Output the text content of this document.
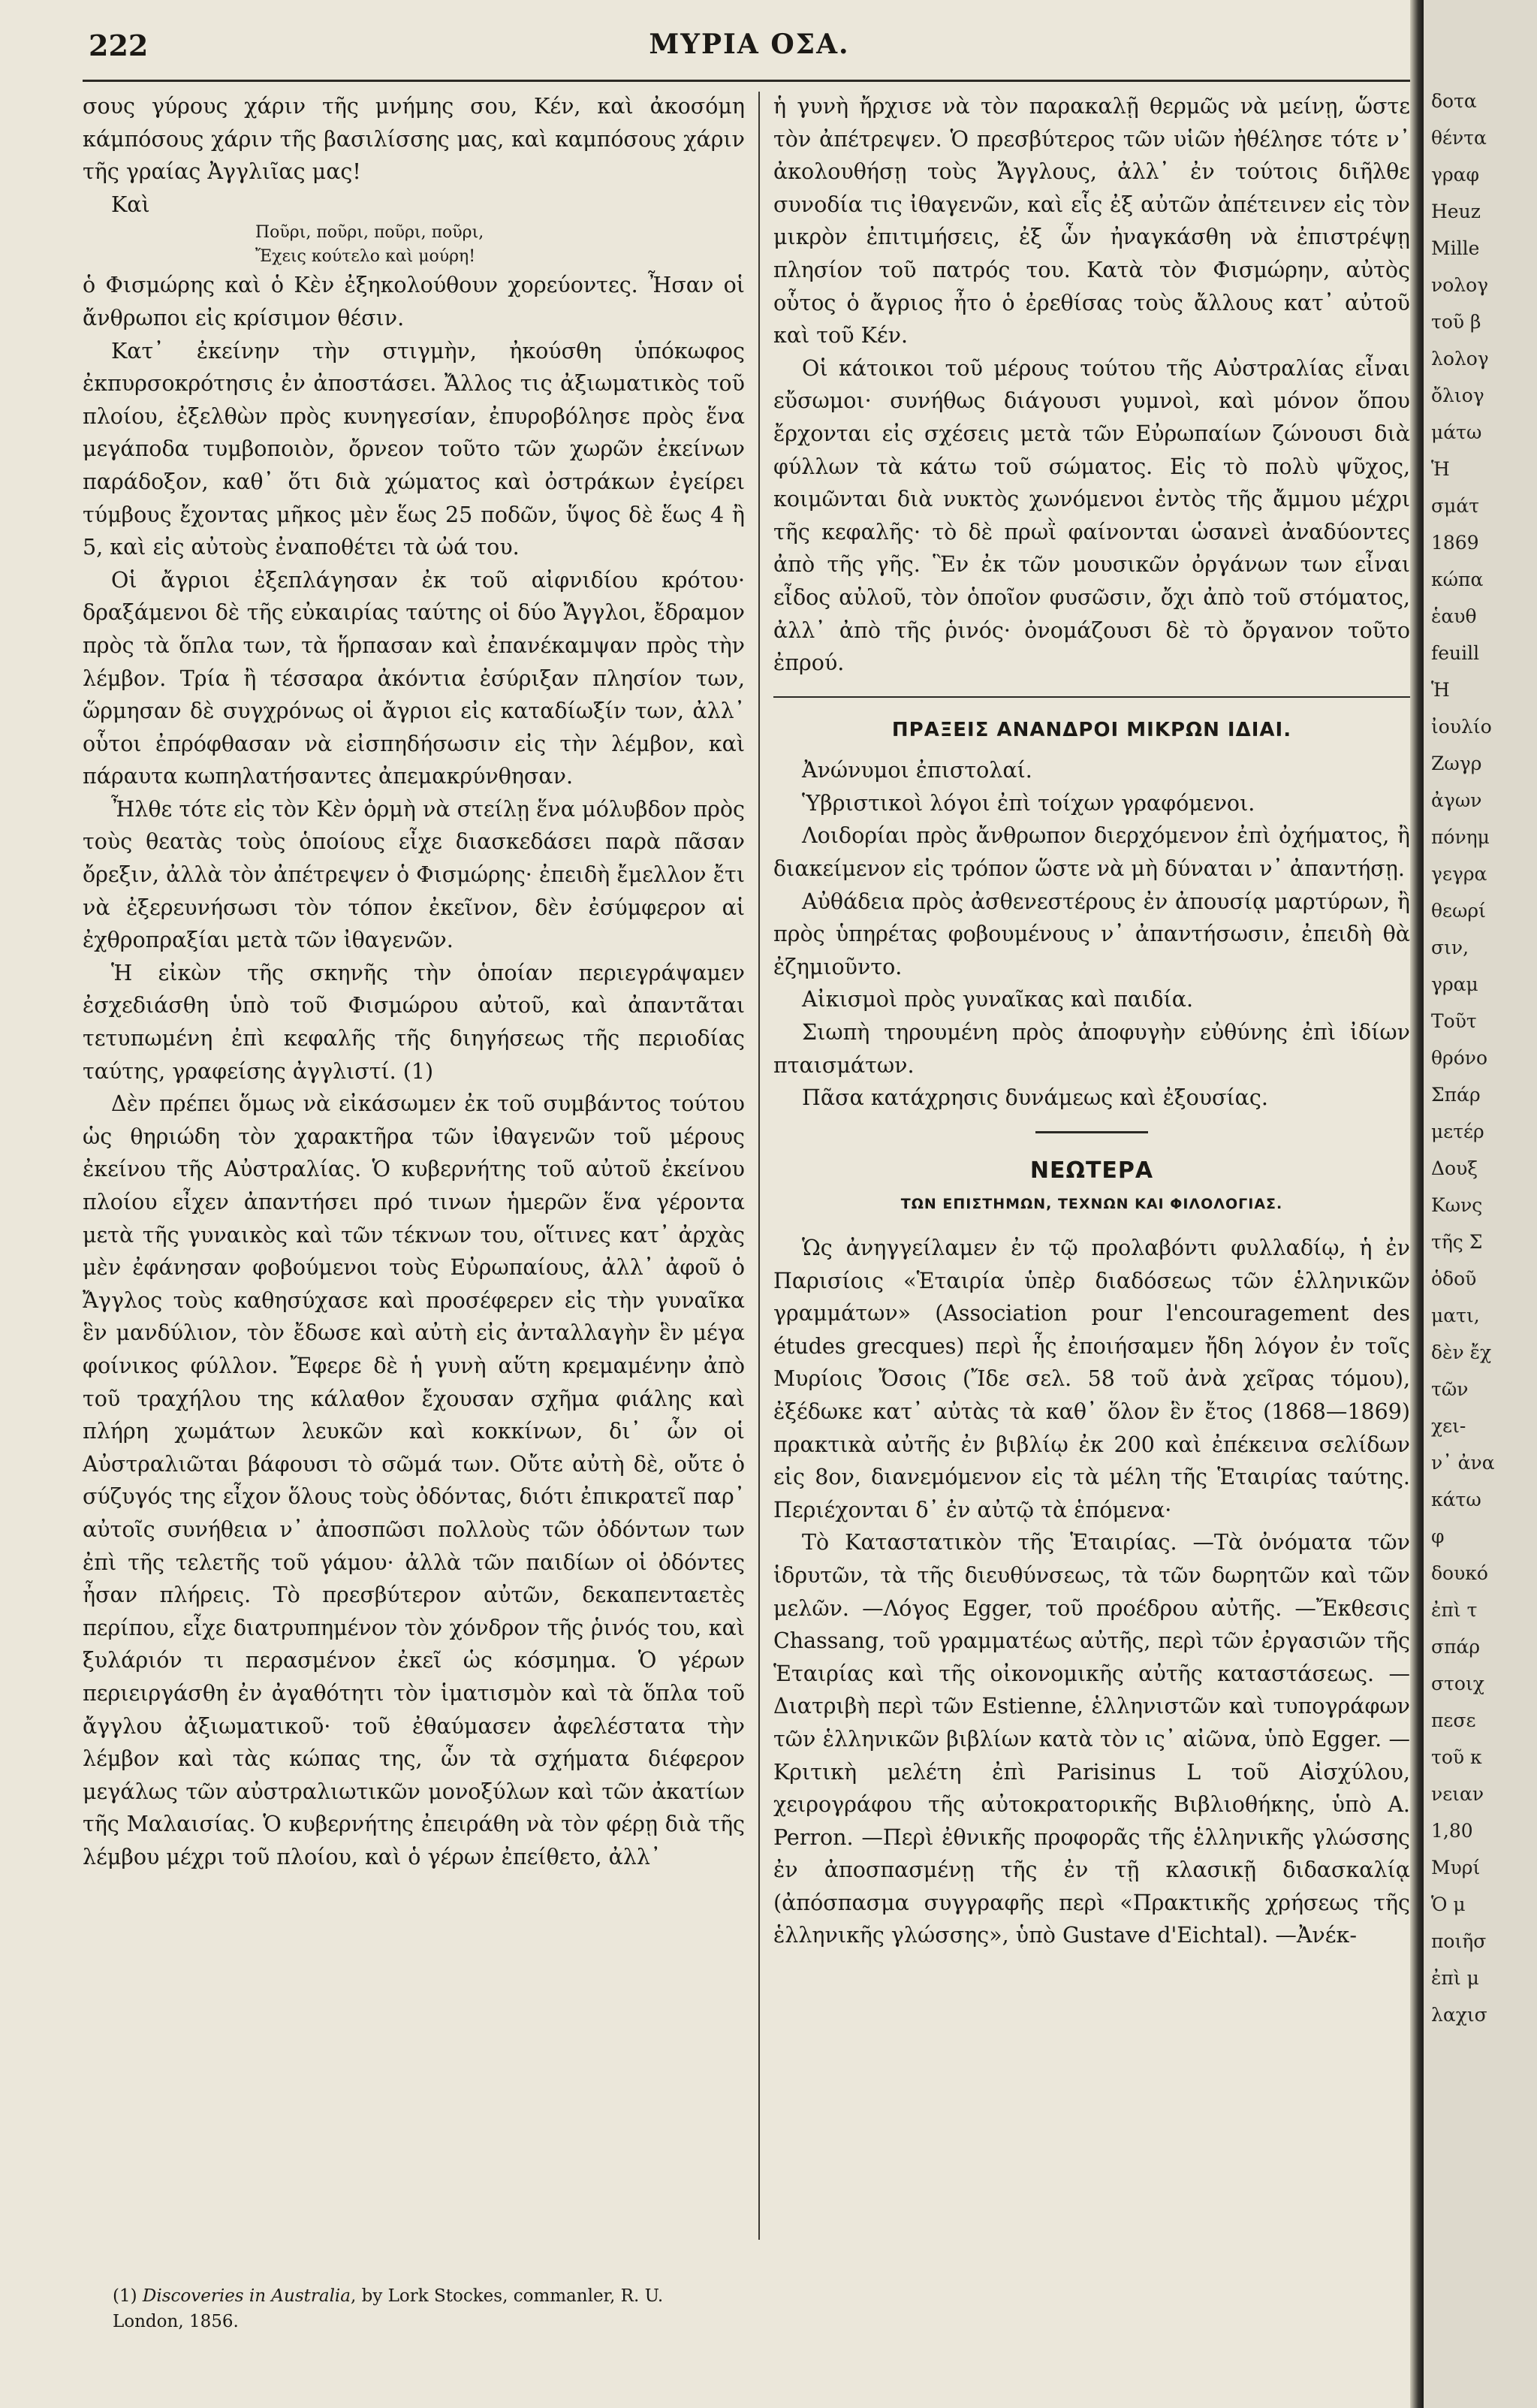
222	ΜΥΡΙΑ ΟΣΑ.

σους γύρους χάριν τῆς μνήμης σου, Κέν, καὶ ἀκοσόμη κάμπόσους χάριν τῆς βασιλίσσης μας, καὶ καμπόσους χάριν τῆς γραίας Ἀγγλιῖας μας!

Καὶ

Ποῦρι, ποῦρι, ποῦρι, ποῦρι,
Ἔχεις κούτελο καὶ μούρη!

ὁ Φισμώρης καὶ ὁ Κὲν ἐξηκολούθουν χορεύοντες. Ἦσαν οἱ ἄνθρωποι εἰς κρίσιμον θέσιν.

Κατ᾽ ἐκείνην τὴν στιγμὴν, ἠκούσθη ὑπόκωφος ἐκπυρσοκρότησις ἐν ἀποστάσει. Ἄλλος τις ἀξιωματικὸς τοῦ πλοίου, ἐξελθὼν πρὸς κυνηγεσίαν, ἐπυροβόλησε πρὸς ἕνα μεγάποδα τυμβοποιὸν, ὄρνεον τοῦτο τῶν χωρῶν ἐκείνων παράδοξον, καθ᾽ ὅτι διὰ χώματος καὶ ὀστράκων ἐγείρει τύμβους ἔχοντας μῆκος μὲν ἕως 25 ποδῶν, ὕψος δὲ ἕως 4 ἢ 5, καὶ εἰς αὐτοὺς ἐναποθέτει τὰ ὠά του.

Οἱ ἄγριοι ἐξεπλάγησαν ἐκ τοῦ αἰφνιδίου κρότου· δραξάμενοι δὲ τῆς εὐκαιρίας ταύτης οἱ δύο Ἄγγλοι, ἔδραμον πρὸς τὰ ὅπλα των, τὰ ἥρπασαν καὶ ἐπανέκαμψαν πρὸς τὴν λέμβον. Τρία ἢ τέσσαρα ἀκόντια ἐσύριξαν πλησίον των, ὥρμησαν δὲ συγχρόνως οἱ ἄγριοι εἰς καταδίωξίν των, ἀλλ᾽ οὗτοι ἐπρόφθασαν νὰ εἰσπηδήσωσιν εἰς τὴν λέμβον, καὶ πάραυτα κωπηλατήσαντες ἀπεμακρύνθησαν.

Ἦλθε τότε εἰς τὸν Κὲν ὁρμὴ νὰ στείλῃ ἕνα μόλυβδον πρὸς τοὺς θεατὰς τοὺς ὁποίους εἶχε διασκεδάσει παρὰ πᾶσαν ὄρεξιν, ἀλλὰ τὸν ἀπέτρεψεν ὁ Φισμώρης· ἐπειδὴ ἔμελλον ἔτι νὰ ἐξερευνήσωσι τὸν τόπον ἐκεῖνον, δὲν ἐσύμφερον αἱ ἐχθροπραξίαι μετὰ τῶν ἰθαγενῶν.

Ἡ εἰκὼν τῆς σκηνῆς τὴν ὁποίαν περιεγράψαμεν ἐσχεδιάσθη ὑπὸ τοῦ Φισμώρου αὐτοῦ, καὶ ἀπαντᾶται τετυπωμένη ἐπὶ κεφαλῆς τῆς διηγήσεως τῆς περιοδίας ταύτης, γραφείσης ἀγγλιστί. (1)

Δὲν πρέπει ὅμως νὰ εἰκάσωμεν ἐκ τοῦ συμβάντος τούτου ὡς θηριώδη τὸν χαρακτῆρα τῶν ἰθαγενῶν τοῦ μέρους ἐκείνου τῆς Αὐστραλίας. Ὁ κυβερνήτης τοῦ αὐτοῦ ἐκείνου πλοίου εἶχεν ἀπαντήσει πρό τινων ἡμερῶν ἕνα γέροντα μετὰ τῆς γυναικὸς καὶ τῶν τέκνων του, οἵτινες κατ᾽ ἀρχὰς μὲν ἐφάνησαν φοβούμενοι τοὺς Εὐρωπαίους, ἀλλ᾽ ἀφοῦ ὁ Ἄγγλος τοὺς καθησύχασε καὶ προσέφερεν εἰς τὴν γυναῖκα ἓν μανδύλιον, τὸν ἔδωσε καὶ αὐτὴ εἰς ἀνταλλαγὴν ἓν μέγα φοίνικος φύλλον. Ἔφερε δὲ ἡ γυνὴ αὕτη κρεμαμένην ἀπὸ τοῦ τραχήλου της κάλαθον ἔχουσαν σχῆμα φιάλης καὶ πλήρη χωμάτων λευκῶν καὶ κοκκίνων, δι᾽ ὧν οἱ Αὐστραλιῶται βάφουσι τὸ σῶμά των. Οὔτε αὐτὴ δὲ, οὔτε ὁ σύζυγός της εἶχον ὅλους τοὺς ὀδόντας, διότι ἐπικρατεῖ παρ᾽ αὐτοῖς συνήθεια ν᾽ ἀποσπῶσι πολλοὺς τῶν ὀδόντων των ἐπὶ τῆς τελετῆς τοῦ γάμου· ἀλλὰ τῶν παιδίων οἱ ὀδόντες ἦσαν πλήρεις. Τὸ πρεσβύτερον αὐτῶν, δεκαπενταετὲς περίπου, εἶχε διατρυπημένον τὸν χόνδρον τῆς ῥινός του, καὶ ξυλάριόν τι περασμένον ἐκεῖ ὡς κόσμημα. Ὁ γέρων περιειργάσθη ἐν ἀγαθότητι τὸν ἱματισμὸν καὶ τὰ ὅπλα τοῦ ἄγγλου ἀξιωματικοῦ· τοῦ ἐθαύμασεν ἀφελέστατα τὴν λέμβον καὶ τὰς κώπας της, ὧν τὰ σχήματα διέφερον μεγάλως τῶν αὐστραλιωτικῶν μονοξύλων καὶ τῶν ἀκατίων τῆς Μαλαισίας. Ὁ κυβερνήτης ἐπειράθη νὰ τὸν φέρῃ διὰ τῆς λέμβου μέχρι τοῦ πλοίου, καὶ ὁ γέρων ἐπείθετο, ἀλλ᾽

ἡ γυνὴ ἤρχισε νὰ τὸν παρακαλῇ θερμῶς νὰ μείνῃ, ὥστε τὸν ἀπέτρεψεν. Ὁ πρεσβύτερος τῶν υἱῶν ἠθέλησε τότε ν᾽ ἀκολουθήσῃ τοὺς Ἄγγλους, ἀλλ᾽ ἐν τούτοις διῆλθε συνοδία τις ἰθαγενῶν, καὶ εἷς ἐξ αὐτῶν ἀπέτεινεν εἰς τὸν μικρὸν ἐπιτιμήσεις, ἐξ ὧν ἠναγκάσθη νὰ ἐπιστρέψῃ πλησίον τοῦ πατρός του. Κατὰ τὸν Φισμώρην, αὐτὸς οὗτος ὁ ἄγριος ἦτο ὁ ἐρεθίσας τοὺς ἄλλους κατ᾽ αὐτοῦ καὶ τοῦ Κέν.

Οἱ κάτοικοι τοῦ μέρους τούτου τῆς Αὐστραλίας εἶναι εὔσωμοι· συνήθως διάγουσι γυμνοὶ, καὶ μόνον ὅπου ἔρχονται εἰς σχέσεις μετὰ τῶν Εὐρωπαίων ζώνουσι διὰ φύλλων τὰ κάτω τοῦ σώματος. Εἰς τὸ πολὺ ψῦχος, κοιμῶνται διὰ νυκτὸς χωνόμενοι ἐντὸς τῆς ἄμμου μέχρι τῆς κεφαλῆς· τὸ δὲ πρωῒ φαίνονται ὡσανεὶ ἀναδύοντες ἀπὸ τῆς γῆς. Ἓν ἐκ τῶν μουσικῶν ὀργάνων των εἶναι εἶδος αὐλοῦ, τὸν ὁποῖον φυσῶσιν, ὄχι ἀπὸ τοῦ στόματος, ἀλλ᾽ ἀπὸ τῆς ῥινός· ὀνομάζουσι δὲ τὸ ὄργανον τοῦτο ἐπρού.

ΠΡΑΞΕΙΣ ΑΝΑΝΔΡΟΙ ΜΙΚΡΩΝ ΙΔΙΑΙ.

Ἀνώνυμοι ἐπιστολαί.

Ὑβριστικοὶ λόγοι ἐπὶ τοίχων γραφόμενοι.

Λοιδορίαι πρὸς ἄνθρωπον διερχόμενον ἐπὶ ὀχήματος, ἢ διακείμενον εἰς τρόπον ὥστε νὰ μὴ δύναται ν᾽ ἀπαντήσῃ.

Αὐθάδεια πρὸς ἀσθενεστέρους ἐν ἀπουσίᾳ μαρτύρων, ἢ πρὸς ὑπηρέτας φοβουμένους ν᾽ ἀπαντήσωσιν, ἐπειδὴ θὰ ἐζημιοῦντο.

Αἰκισμοὶ πρὸς γυναῖκας καὶ παιδία.

Σιωπὴ τηρουμένη πρὸς ἀποφυγὴν εὐθύνης ἐπὶ ἰδίων πταισμάτων.

Πᾶσα κατάχρησις δυνάμεως καὶ ἐξουσίας.

ΝΕΩΤΕΡΑ
ΤΩΝ ΕΠΙΣΤΗΜΩΝ, ΤΕΧΝΩΝ ΚΑΙ ΦΙΛΟΛΟΓΙΑΣ.

Ὡς ἀνηγγείλαμεν ἐν τῷ προλαβόντι φυλλαδίῳ, ἡ ἐν Παρισίοις «Ἑταιρία ὑπὲρ διαδόσεως τῶν ἑλληνικῶν γραμμάτων» (Association pour l'encouragement des études grecques) περὶ ἧς ἐποιήσαμεν ἤδη λόγον ἐν τοῖς Μυρίοις Ὄσοις (Ἴδε σελ. 58 τοῦ ἀνὰ χεῖρας τόμου), ἐξέδωκε κατ᾽ αὐτὰς τὰ καθ᾽ ὅλον ἓν ἔτος (1868—1869) πρακτικὰ αὐτῆς ἐν βιβλίῳ ἐκ 200 καὶ ἐπέκεινα σελίδων εἰς 8ον, διανεμόμενον εἰς τὰ μέλη τῆς Ἑταιρίας ταύτης. Περιέχονται δ᾽ ἐν αὐτῷ τὰ ἑπόμενα·

Τὸ Καταστατικὸν τῆς Ἑταιρίας. —Τὰ ὀνόματα τῶν ἱδρυτῶν, τὰ τῆς διευθύνσεως, τὰ τῶν δωρητῶν καὶ τῶν μελῶν. —Λόγος Egger, τοῦ προέδρου αὐτῆς. —Ἔκθεσις Chassang, τοῦ γραμματέως αὐτῆς, περὶ τῶν ἐργασιῶν τῆς Ἑταιρίας καὶ τῆς οἰκονομικῆς αὐτῆς καταστάσεως. — Διατριβὴ περὶ τῶν Estienne, ἑλληνιστῶν καὶ τυπογράφων τῶν ἑλληνικῶν βιβλίων κατὰ τὸν ις᾽ αἰῶνα, ὑπὸ Egger. —Κριτικὴ μελέτη ἐπὶ Parisinus L τοῦ Αἰσχύλου, χειρογράφου τῆς αὐτοκρατορικῆς Βιβλιοθήκης, ὑπὸ A. Perron. —Περὶ ἐθνικῆς προφορᾶς τῆς ἑλληνικῆς γλώσσης ἐν ἀποσπασμένῃ τῆς ἐν τῇ κλασικῇ διδασκαλίᾳ (ἀπόσπασμα συγγραφῆς περὶ «Πρακτικῆς χρήσεως τῆς ἑλληνικῆς γλώσσης», ὑπὸ Gustave d'Eichtal). —Ἀνέκ-

(1) Discoveries in Australia, by Lork Stockes, commanler, R. U. London, 1856.
δοτα
θέντα
γραφ
Heuz
Mille
νολογ
τοῦ β
λολογ
ὄλιογ
μάτω
Ἡ
σμάτ
1869
κώπα
ἑαυθ
feuill
Ἡ
ἰουλίο
Ζωγρ
ἀγων
πόνημ
γεγρα
θεωρί
σιν,
γραμ
Τοῦτ
θρόνο
Σπάρ
μετέρ
Δουξ
Κωνς
τῆς Σ
ὁδοῦ
ματι,
δὲν ἔχ
τῶν
χει-
ν᾽ ἀνα
κάτω
φ
δουκό
ἐπὶ τ
σπάρ
στοιχ
πεσε
τοῦ κ
νειαν
1,80
Μυρί
Ὁ μ
ποιῆσ
ἐπὶ μ
λαχισ
